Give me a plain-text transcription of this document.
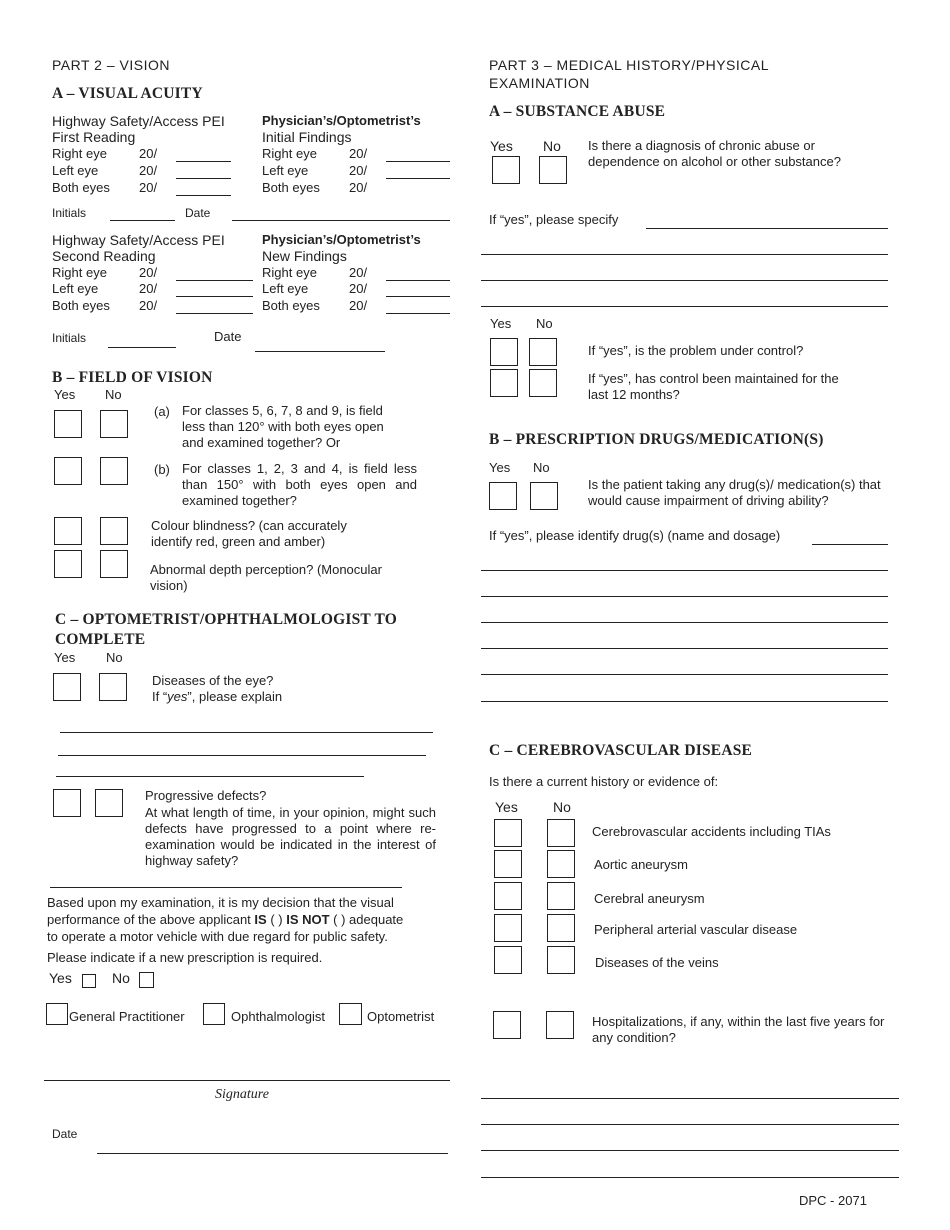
PART 2 – VISION
A – VISUAL ACUITY
Highway Safety/Access PEI
First Reading
Physician’s/Optometrist’s
Initial Findings
Right eye 20/
Left eye	20/
Both eyes 20/
Right eye 20/
Left eye	20/
Both eyes 20/
Initials	Date
Highway Safety/Access PEI
Second Reading
Physician’s/Optometrist’s
New Findings
Right eye 20/
Left eye	20/
Both eyes 20/
Right eye 20/
Left eye	20/
Both eyes 20/
Initials	Date
B – FIELD OF VISION
Yes No
(a) For classes 5, 6, 7, 8 and 9, is field less than 120° with both eyes open and examined together? Or
(b) For classes 1, 2, 3 and 4, is field less than 150° with both eyes open and examined together?
Colour blindness? (can accurately identify red, green and amber)
Abnormal depth perception? (Monocular vision)
C – OPTOMETRIST/OPHTHALMOLOGIST TO
COMPLETE
Yes No
Diseases of the eye?
If “yes”, please explain
Progressive defects?
At what length of time, in your opinion, might such defects have progressed to a point where re-examination would be indicated in the interest of highway safety?
Based upon my examination, it is my decision that the visual
performance of the above applicant IS ( ) IS NOT ( ) adequate
to operate a motor vehicle with due regard for public safety.
Please indicate if a new prescription is required.
Yes	No
General Practitioner	Ophthalmologist	Optometrist
Signature
Date
PART 3 – MEDICAL HISTORY/PHYSICAL
EXAMINATION
A – SUBSTANCE ABUSE
Yes No Is there a diagnosis of chronic abuse or dependence on alcohol or other substance?
If “yes”, please specify
Yes No
If “yes”, is the problem under control?
If “yes”, has control been maintained for the last 12 months?
B – PRESCRIPTION DRUGS/MEDICATION(S)
Yes No
Is the patient taking any drug(s)/ medication(s) that would cause impairment of driving ability?
If “yes”, please identify drug(s) (name and dosage)
C – CEREBROVASCULAR DISEASE
Is there a current history or evidence of:
Yes	No
Cerebrovascular accidents including TIAs
Aortic aneurysm
Cerebral aneurysm
Peripheral arterial vascular disease
Diseases of the veins
Hospitalizations, if any, within the last five years for any condition?
DPC - 2071
